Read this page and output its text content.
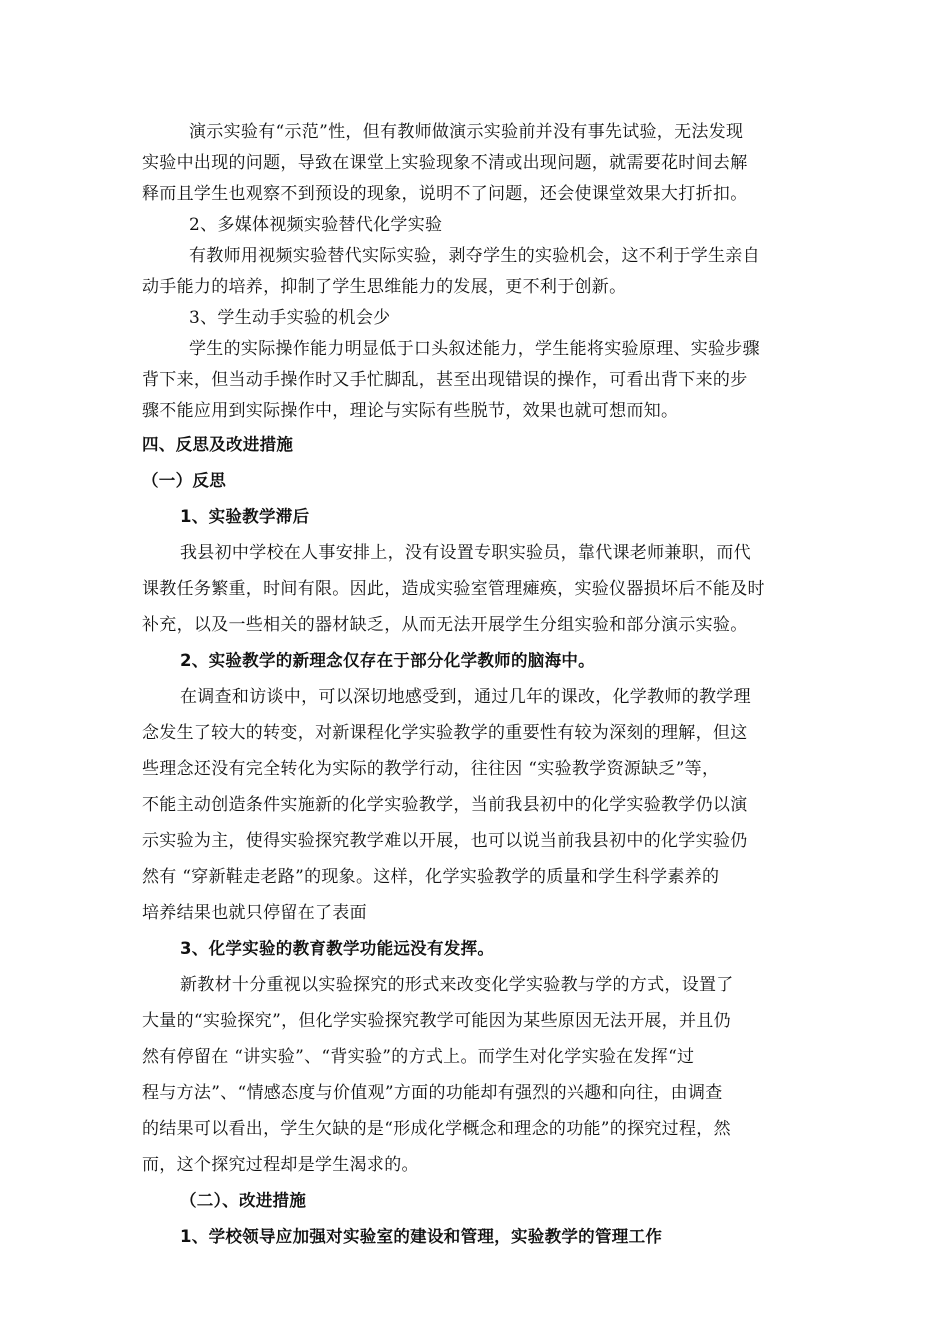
演示实验有“示范”性，但有教师做演示实验前并没有事先试验，无法发现

实验中出现的问题，导致在课堂上实验现象不清或出现问题，就需要花时间去解

释而且学生也观察不到预设的现象，说明不了问题，还会使课堂效果大打折扣。

2、多媒体视频实验替代化学实验

有教师用视频实验替代实际实验，剥夺学生的实验机会，这不利于学生亲自

动手能力的培养，抑制了学生思维能力的发展，更不利于创新。

3、学生动手实验的机会少

学生的实际操作能力明显低于口头叙述能力，学生能将实验原理、实验步骤

背下来，但当动手操作时又手忙脚乱，甚至出现错误的操作，可看出背下来的步

骤不能应用到实际操作中，理论与实际有些脱节，效果也就可想而知。

四、反思及改进措施

（一）反思

1、实验教学滞后

我县初中学校在人事安排上，没有设置专职实验员，靠代课老师兼职，而代

课教任务繁重，时间有限。因此，造成实验室管理瘫痪，实验仪器损坏后不能及时

补充，以及一些相关的器材缺乏，从而无法开展学生分组实验和部分演示实验。

2、实验教学的新理念仅存在于部分化学教师的脑海中。

在调查和访谈中，可以深切地感受到，通过几年的课改，化学教师的教学理

念发生了较大的转变，对新课程化学实验教学的重要性有较为深刻的理解，但这

些理念还没有完全转化为实际的教学行动，往往因 “实验教学资源缺乏”等，

不能主动创造条件实施新的化学实验教学，当前我县初中的化学实验教学仍以演

示实验为主，使得实验探究教学难以开展，也可以说当前我县初中的化学实验仍

然有 “穿新鞋走老路”的现象。这样，化学实验教学的质量和学生科学素养的

培养结果也就只停留在了表面

3、化学实验的教育教学功能远没有发挥。

新教材十分重视以实验探究的形式来改变化学实验教与学的方式，设置了

大量的“实验探究”，但化学实验探究教学可能因为某些原因无法开展，并且仍

然有停留在 “讲实验”、“背实验”的方式上。而学生对化学实验在发挥“过

程与方法”、“情感态度与价值观”方面的功能却有强烈的兴趣和向往，由调查

的结果可以看出，学生欠缺的是“形成化学概念和理念的功能”的探究过程，然

而，这个探究过程却是学生渴求的。

（二）、改进措施

1、学校领导应加强对实验室的建设和管理，实验教学的管理工作
